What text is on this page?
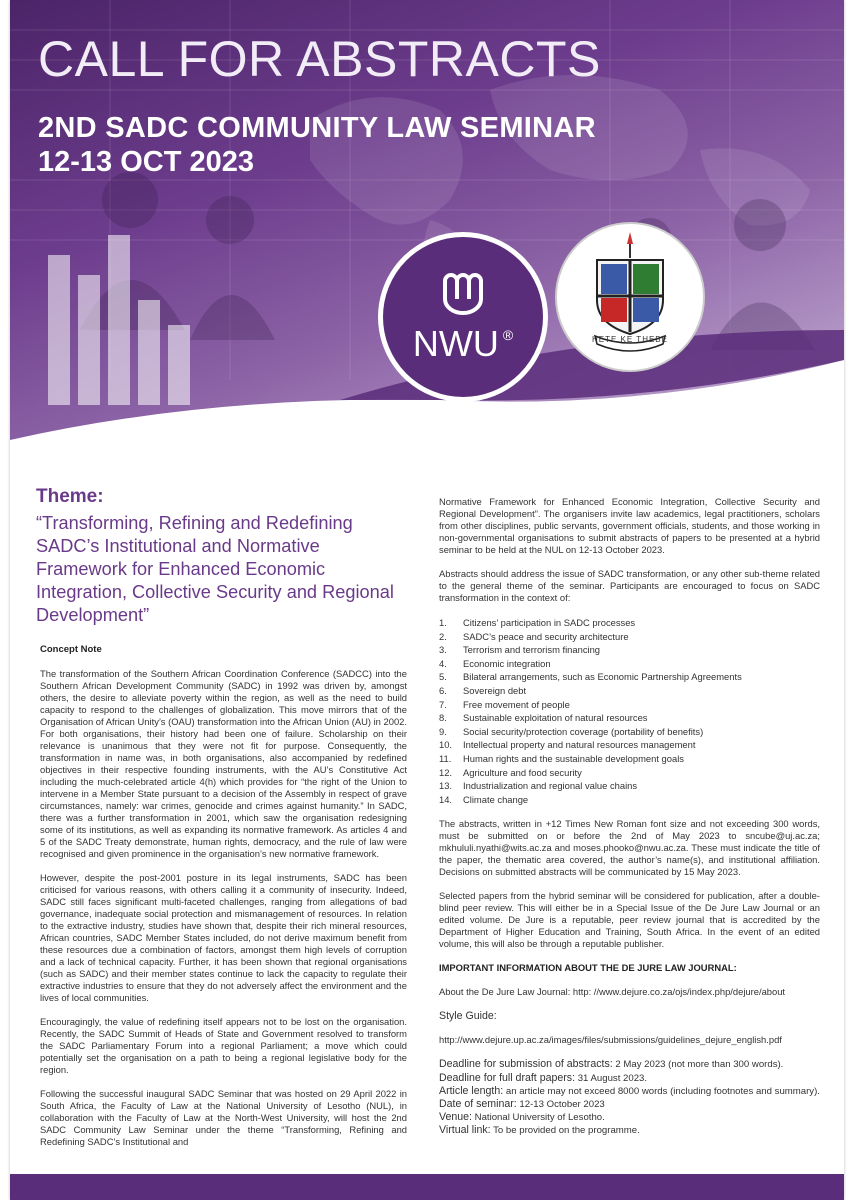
CALL FOR ABSTRACTS
2ND SADC COMMUNITY LAW SEMINAR
12-13 OCT 2023
NWU ®	HETE KE THEBE
Theme:
“Transforming, Refining and Redefining SADC’s Institutional and Normative Framework for Enhanced Economic Integration, Collective Security and Regional Development”
Concept Note

The transformation of the Southern African Coordination Conference (SADCC) into the Southern African Development Community (SADC) in 1992 was driven by, amongst others, the desire to alleviate poverty within the region, as well as the need to build capacity to respond to the challenges of globalization. This move mirrors that of the Organisation of African Unity’s (OAU) transformation into the African Union (AU) in 2002. For both organisations, their history had been one of failure. Scholarship on their relevance is unanimous that they were not fit for purpose. Consequently, the transformation in name was, in both organisations, also accompanied by redefined objectives in their respective founding instruments, with the AU’s Constitutive Act including the much-celebrated article 4(h) which provides for “the right of the Union to intervene in a Member State pursuant to a decision of the Assembly in respect of grave circumstances, namely: war crimes, genocide and crimes against humanity.” In SADC, there was a further transformation in 2001, which saw the organisation redesigning some of its institutions, as well as expanding its normative framework. As articles 4 and 5 of the SADC Treaty demonstrate, human rights, democracy, and the rule of law were recognised and given prominence in the organisation’s new normative framework.

However, despite the post-2001 posture in its legal instruments, SADC has been criticised for various reasons, with others calling it a community of insecurity. Indeed, SADC still faces significant multi-faceted challenges, ranging from allegations of bad governance, inadequate social protection and mismanagement of resources. In relation to the extractive industry, studies have shown that, despite their rich mineral resources, African countries, SADC Member States included, do not derive maximum benefit from these resources due a combination of factors, amongst them high levels of corruption and a lack of technical capacity. Further, it has been shown that regional organisations (such as SADC) and their member states continue to lack the capacity to regulate their extractive industries to ensure that they do not adversely affect the environment and the lives of local communities.

Encouragingly, the value of redefining itself appears not to be lost on the organisation. Recently, the SADC Summit of Heads of State and Government resolved to transform the SADC Parliamentary Forum into a regional Parliament; a move which could potentially set the organisation on a path to being a regional legislative body for the region.

Following the successful inaugural SADC Seminar that was hosted on 29 April 2022 in South Africa, the Faculty of Law at the National University of Lesotho (NUL), in collaboration with the Faculty of Law at the North-West University, will host the 2nd SADC Community Law Seminar under the theme “Transforming, Refining and Redefining SADC’s Institutional and

Normative Framework for Enhanced Economic Integration, Collective Security and Regional Development”. The organisers invite law academics, legal practitioners, scholars from other disciplines, public servants, government officials, students, and those working in non-governmental organisations to submit abstracts of papers to be presented at a hybrid seminar to be held at the NUL on 12-13 October 2023.

Abstracts should address the issue of SADC transformation, or any other sub-theme related to the general theme of the seminar. Participants are encouraged to focus on SADC transformation in the context of:

1.	Citizens’ participation in SADC processes
2.	SADC’s peace and security architecture
3.	Terrorism and terrorism financing
4.	Economic integration
5.	Bilateral arrangements, such as Economic Partnership Agreements
6.	Sovereign debt
7.	Free movement of people
8.	Sustainable exploitation of natural resources
9.	Social security/protection coverage (portability of benefits)
10.	Intellectual property and natural resources management
11.	Human rights and the sustainable development goals
12.	Agriculture and food security
13.	Industrialization and regional value chains
14.	Climate change

The abstracts, written in +12 Times New Roman font size and not exceeding 300 words, must be submitted on or before the 2nd of May 2023 to sncube@uj.ac.za; mkhululi.nyathi@wits.ac.za and moses.phooko@nwu.ac.za. These must indicate the title of the paper, the thematic area covered, the author’s name(s), and institutional affiliation. Decisions on submitted abstracts will be communicated by 15 May 2023.

Selected papers from the hybrid seminar will be considered for publication, after a double-blind peer review. This will either be in a Special Issue of the De Jure Law Journal or an edited volume. De Jure is a reputable, peer review journal that is accredited by the Department of Higher Education and Training, South Africa. In the event of an edited volume, this will also be through a reputable publisher.

IMPORTANT INFORMATION ABOUT THE DE JURE LAW JOURNAL:

About the De Jure Law Journal: http: //www.dejure.co.za/ojs/index.php/dejure/about

Style Guide:

http://www.dejure.up.ac.za/images/files/submissions/guidelines_dejure_english.pdf

Deadline for submission of abstracts: 2 May 2023 (not more than 300 words).
Deadline for full draft papers: 31 August 2023.
Article length: an article may not exceed 8000 words (including footnotes and summary).
Date of seminar: 12-13 October 2023
Venue: National University of Lesotho.
Virtual link: To be provided on the programme.
